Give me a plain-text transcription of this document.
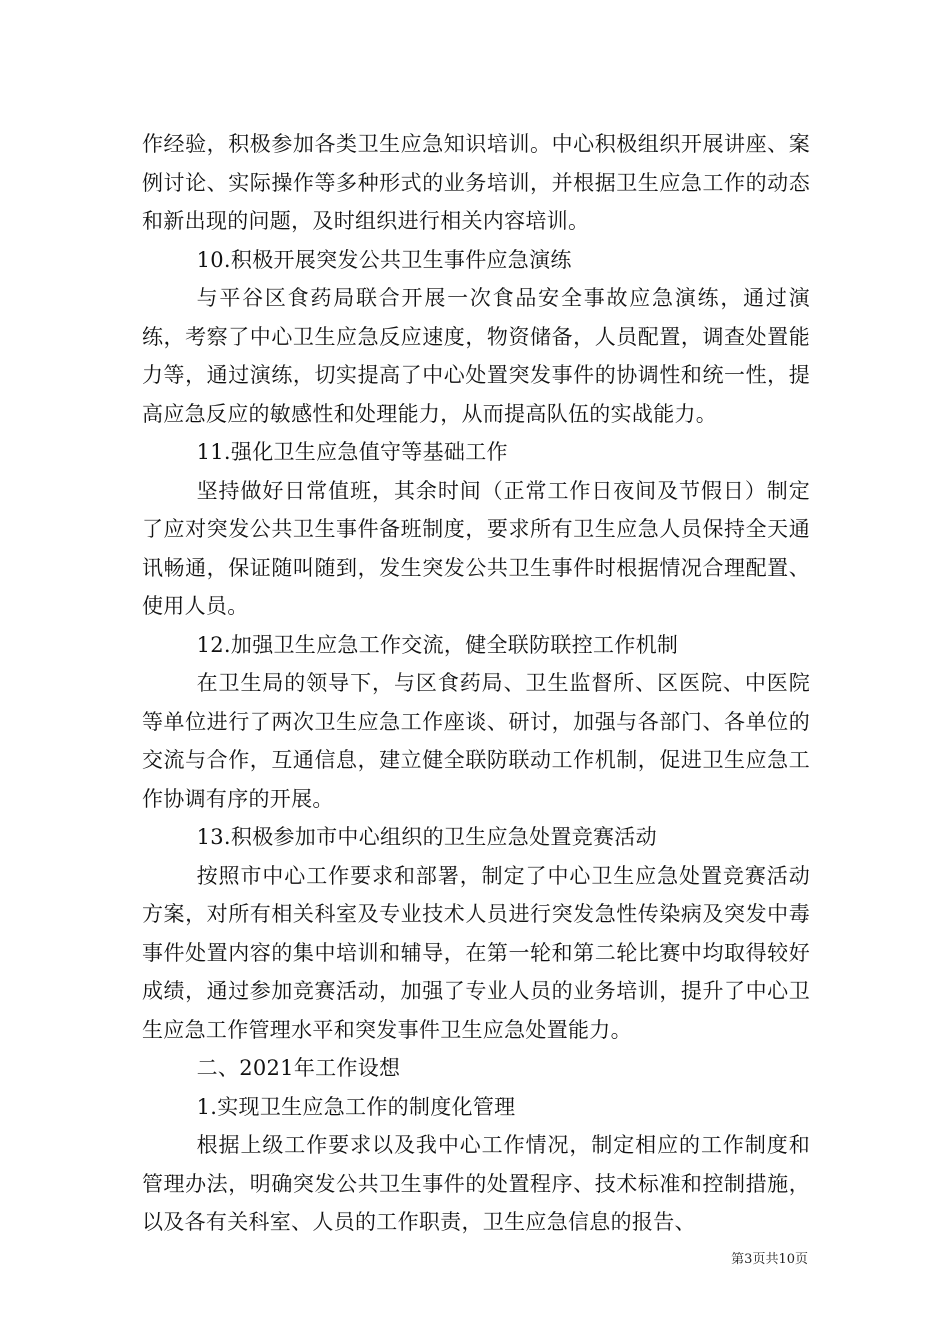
作经验，积极参加各类卫生应急知识培训。中心积极组织开展讲座、案例讨论、实际操作等多种形式的业务培训，并根据卫生应急工作的动态和新出现的问题，及时组织进行相关内容培训。

10.积极开展突发公共卫生事件应急演练

与平谷区食药局联合开展一次食品安全事故应急演练，通过演练，考察了中心卫生应急反应速度，物资储备，人员配置，调查处置能力等，通过演练，切实提高了中心处置突发事件的协调性和统一性，提高应急反应的敏感性和处理能力，从而提高队伍的实战能力。

11.强化卫生应急值守等基础工作

坚持做好日常值班，其余时间（正常工作日夜间及节假日）制定了应对突发公共卫生事件备班制度，要求所有卫生应急人员保持全天通讯畅通，保证随叫随到，发生突发公共卫生事件时根据情况合理配置、使用人员。

12.加强卫生应急工作交流，健全联防联控工作机制

在卫生局的领导下，与区食药局、卫生监督所、区医院、中医院等单位进行了两次卫生应急工作座谈、研讨，加强与各部门、各单位的交流与合作，互通信息，建立健全联防联动工作机制，促进卫生应急工作协调有序的开展。

13.积极参加市中心组织的卫生应急处置竞赛活动

按照市中心工作要求和部署，制定了中心卫生应急处置竞赛活动方案，对所有相关科室及专业技术人员进行突发急性传染病及突发中毒事件处置内容的集中培训和辅导，在第一轮和第二轮比赛中均取得较好成绩，通过参加竞赛活动，加强了专业人员的业务培训，提升了中心卫生应急工作管理水平和突发事件卫生应急处置能力。

二、2021年工作设想

1.实现卫生应急工作的制度化管理

根据上级工作要求以及我中心工作情况，制定相应的工作制度和管理办法，明确突发公共卫生事件的处置程序、技术标准和控制措施，以及各有关科室、人员的工作职责，卫生应急信息的报告、

第3页共10页
